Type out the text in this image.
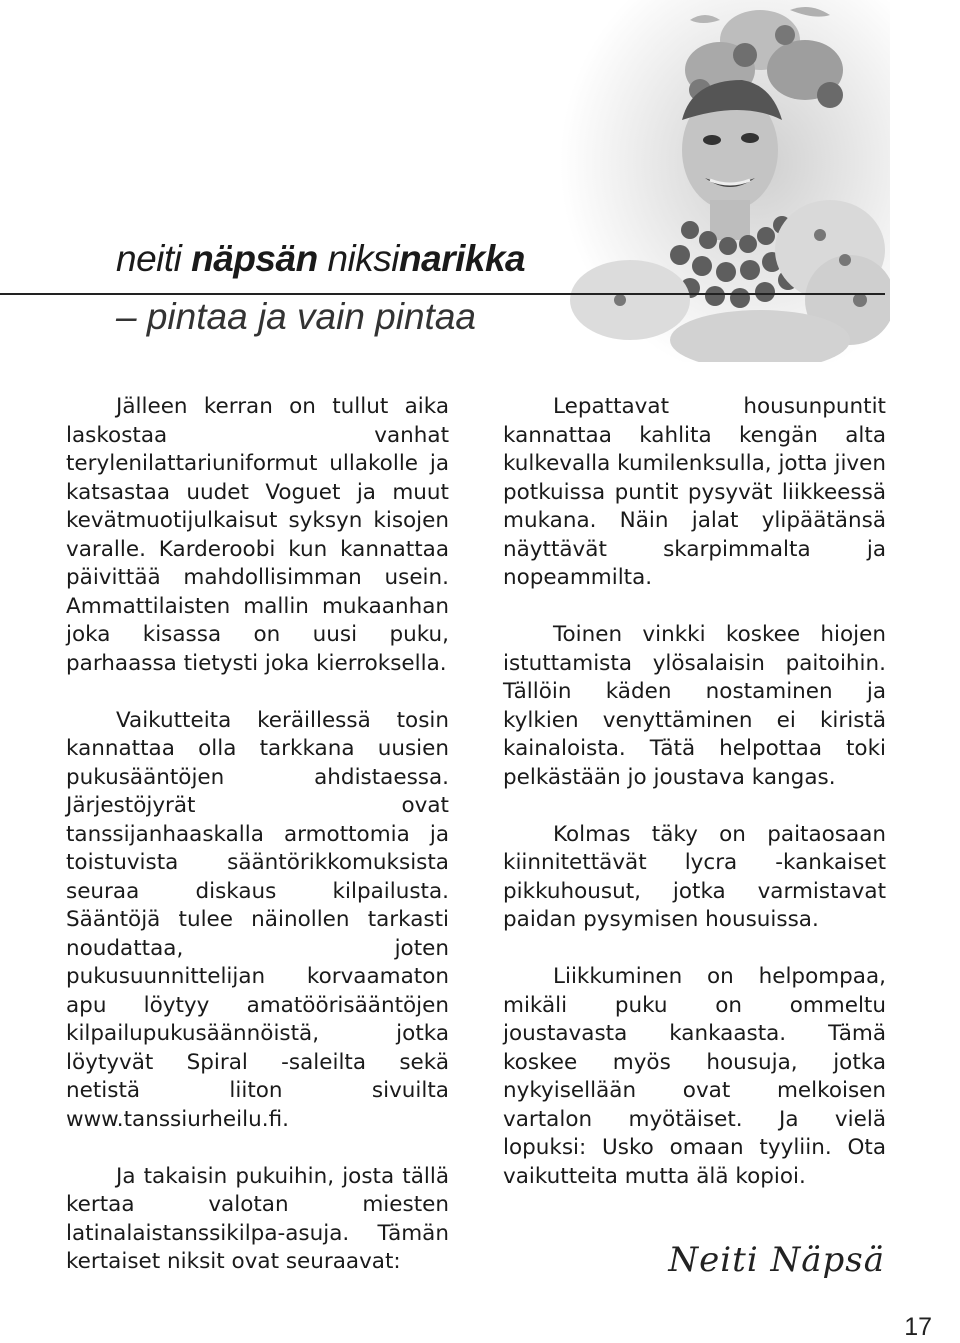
neiti näpsän niksinarikka
– pintaa ja vain pintaa

Jälleen kerran on tullut aika laskostaa vanhat terylenilattariuniformut ullakolle ja katsastaa uudet Voguet ja muut kevätmuotijulkaisut syksyn kisojen varalle. Karderoobi kun kannattaa päivittää mahdollisimman usein. Ammattilaisten mallin mukaanhan joka kisassa on uusi puku, parhaassa tietysti joka kierroksella.

Vaikutteita keräillessä tosin kannattaa olla tarkkana uusien pukusääntöjen ahdistaessa. Järjestöjyrät ovat tanssijanhaaskalla armottomia ja toistuvista sääntörikkomuksista seuraa diskaus kilpailusta. Sääntöjä tulee näinollen tarkasti noudattaa, joten pukusuunnittelijan korvaamaton apu löytyy amatöörisääntöjen kilpailupukusäännöistä, jotka löytyvät Spiral -saleilta sekä netistä liiton sivuilta www.tanssiurheilu.fi.

Ja takaisin pukuihin, josta tällä kertaa valotan miesten latinalaistanssikilpa-asuja. Tämän kertaiset niksit ovat seuraavat:

Lepattavat housunpuntit kannattaa kahlita kengän alta kulkevalla kumilenksulla, jotta jiven potkuissa puntit pysyvät liikkeessä mukana. Näin jalat ylipäätänsä näyttävät skarpimmalta ja nopeammilta.

Toinen vinkki koskee hiojen istuttamista ylösalaisin paitoihin. Tällöin käden nostaminen ja kylkien venyttäminen ei kiristä kainaloista. Tätä helpottaa toki pelkästään jo joustava kangas.

Kolmas täky on paitaosaan kiinnitettävät lycra -kankaiset pikkuhousut, jotka varmistavat paidan pysymisen housuissa.

Liikkuminen on helpompaa, mikäli puku on ommeltu joustavasta kankaasta. Tämä koskee myös housuja, jotka nykyisellään ovat melkoisen vartalon myötäiset. Ja vielä lopuksi: Usko omaan tyyliin. Ota vaikutteita mutta älä kopioi.

Neiti Näpsä
17
